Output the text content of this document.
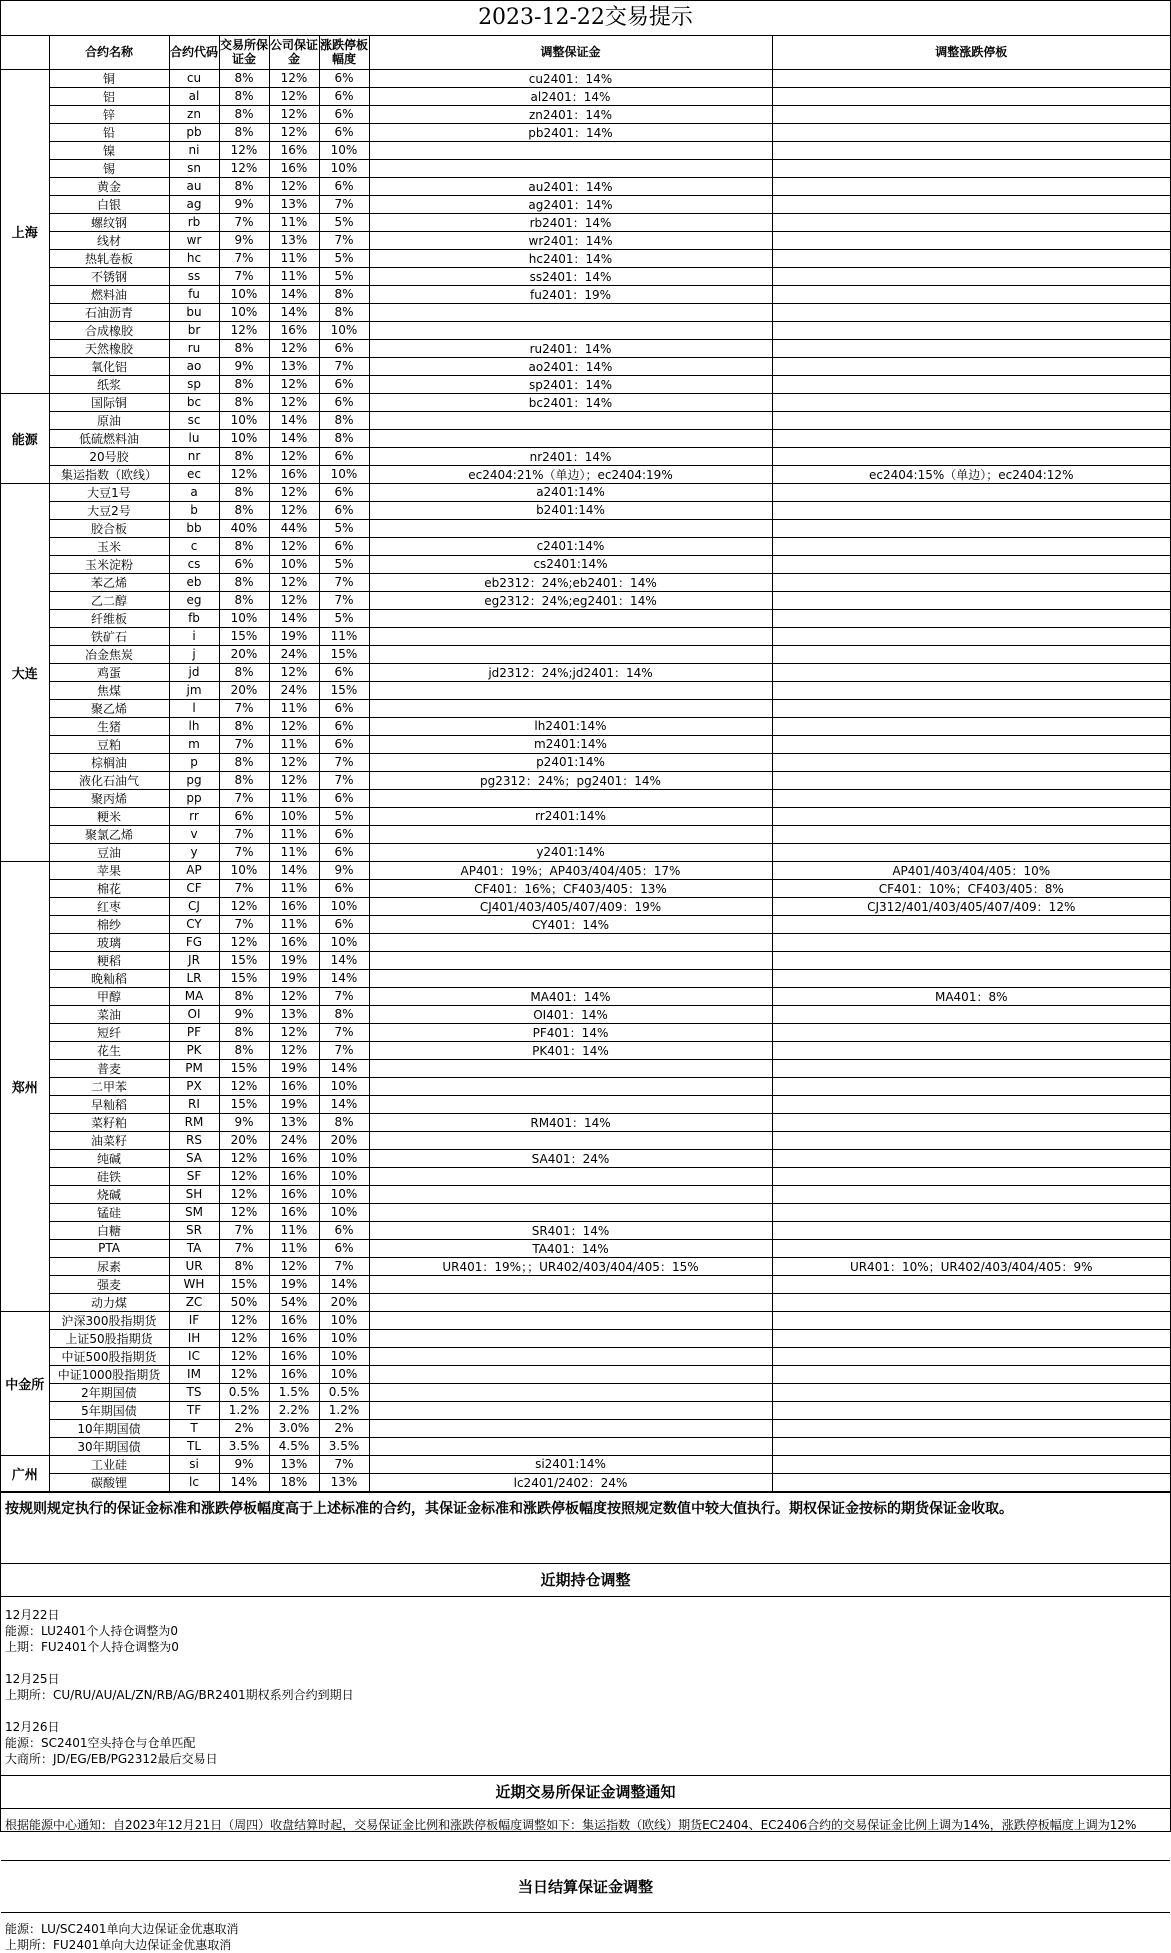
2023-12-22交易提示
	合约名称	合约代码	交易所保证金	公司保证金	涨跌停板幅度	调整保证金	调整涨跌停板
上海	铜	cu	8%	12%	6%	cu2401：14%	
	铝	al	8%	12%	6%	al2401：14%	
	锌	zn	8%	12%	6%	zn2401：14%	
	铅	pb	8%	12%	6%	pb2401：14%	
	镍	ni	12%	16%	10%		
	锡	sn	12%	16%	10%		
	黄金	au	8%	12%	6%	au2401：14%	
	白银	ag	9%	13%	7%	ag2401：14%	
	螺纹钢	rb	7%	11%	5%	rb2401：14%	
	线材	wr	9%	13%	7%	wr2401：14%	
	热轧卷板	hc	7%	11%	5%	hc2401：14%	
	不锈钢	ss	7%	11%	5%	ss2401：14%	
	燃料油	fu	10%	14%	8%	fu2401：19%	
	石油沥青	bu	10%	14%	8%		
	合成橡胶	br	12%	16%	10%		
	天然橡胶	ru	8%	12%	6%	ru2401：14%	
	氧化铝	ao	9%	13%	7%	ao2401：14%	
	纸浆	sp	8%	12%	6%	sp2401：14%	
能源	国际铜	bc	8%	12%	6%	bc2401：14%	
	原油	sc	10%	14%	8%		
	低硫燃料油	lu	10%	14%	8%		
	20号胶	nr	8%	12%	6%	nr2401：14%	
	集运指数（欧线）	ec	12%	16%	10%	ec2404:21%（单边）；ec2404:19%	ec2404:15%（单边）；ec2404:12%
大连	大豆1号	a	8%	12%	6%	a2401:14%	
	大豆2号	b	8%	12%	6%	b2401:14%	
	胶合板	bb	40%	44%	5%		
	玉米	c	8%	12%	6%	c2401:14%	
	玉米淀粉	cs	6%	10%	5%	cs2401:14%	
	苯乙烯	eb	8%	12%	7%	eb2312：24%;eb2401：14%	
	乙二醇	eg	8%	12%	7%	eg2312：24%;eg2401：14%	
	纤维板	fb	10%	14%	5%		
	铁矿石	i	15%	19%	11%		
	冶金焦炭	j	20%	24%	15%		
	鸡蛋	jd	8%	12%	6%	jd2312：24%;jd2401：14%	
	焦煤	jm	20%	24%	15%		
	聚乙烯	l	7%	11%	6%		
	生猪	lh	8%	12%	6%	lh2401:14%	
	豆粕	m	7%	11%	6%	m2401:14%	
	棕榈油	p	8%	12%	7%	p2401:14%	
	液化石油气	pg	8%	12%	7%	pg2312：24%；pg2401：14%	
	聚丙烯	pp	7%	11%	6%		
	粳米	rr	6%	10%	5%	rr2401:14%	
	聚氯乙烯	v	7%	11%	6%		
	豆油	y	7%	11%	6%	y2401:14%	
郑州	苹果	AP	10%	14%	9%	AP401：19%；AP403/404/405：17%	AP401/403/404/405：10%
	棉花	CF	7%	11%	6%	CF401：16%；CF403/405：13%	CF401：10%；CF403/405：8%
	红枣	CJ	12%	16%	10%	CJ401/403/405/407/409：19%	CJ312/401/403/405/407/409：12%
	棉纱	CY	7%	11%	6%	CY401：14%	
	玻璃	FG	12%	16%	10%		
	粳稻	JR	15%	19%	14%		
	晚籼稻	LR	15%	19%	14%		
	甲醇	MA	8%	12%	7%	MA401：14%	MA401：8%
	菜油	OI	9%	13%	8%	OI401：14%	
	短纤	PF	8%	12%	7%	PF401：14%	
	花生	PK	8%	12%	7%	PK401：14%	
	普麦	PM	15%	19%	14%		
	二甲苯	PX	12%	16%	10%		
	早籼稻	RI	15%	19%	14%		
	菜籽粕	RM	9%	13%	8%	RM401：14%	
	油菜籽	RS	20%	24%	20%		
	纯碱	SA	12%	16%	10%	SA401：24%	
	硅铁	SF	12%	16%	10%		
	烧碱	SH	12%	16%	10%		
	锰硅	SM	12%	16%	10%		
	白糖	SR	7%	11%	6%	SR401：14%	
	PTA	TA	7%	11%	6%	TA401：14%	
	尿素	UR	8%	12%	7%	UR401：19%；；UR402/403/404/405：15%	UR401：10%；UR402/403/404/405：9%
	强麦	WH	15%	19%	14%		
	动力煤	ZC	50%	54%	20%		
中金所	沪深300股指期货	IF	12%	16%	10%		
	上证50股指期货	IH	12%	16%	10%		
	中证500股指期货	IC	12%	16%	10%		
	中证1000股指期货	IM	12%	16%	10%		
	2年期国债	TS	0.5%	1.5%	0.5%		
	5年期国债	TF	1.2%	2.2%	1.2%		
	10年期国债	T	2%	3.0%	2%		
	30年期国债	TL	3.5%	4.5%	3.5%		
广州	工业硅	si	9%	13%	7%	si2401:14%	
	碳酸锂	lc	14%	18%	13%	lc2401/2402：24%	
按规则规定执行的保证金标准和涨跌停板幅度高于上述标准的合约，其保证金标准和涨跌停板幅度按照规定数值中较大值执行。期权保证金按标的期货保证金收取。
近期持仓调整
12月22日
能源：LU2401个人持仓调整为0
上期：FU2401个人持仓调整为0
12月25日
上期所：CU/RU/AU/AL/ZN/RB/AG/BR2401期权系列合约到期日
12月26日
能源：SC2401空头持仓与仓单匹配
大商所：JD/EG/EB/PG2312最后交易日
近期交易所保证金调整通知
根据能源中心通知：自2023年12月21日（周四）收盘结算时起，交易保证金比例和涨跌停板幅度调整如下：集运指数（欧线）期货EC2404、EC2406合约的交易保证金比例上调为14%，涨跌停板幅度上调为12%
当日结算保证金调整
能源：LU/SC2401单向大边保证金优惠取消
上期所：FU2401单向大边保证金优惠取消
